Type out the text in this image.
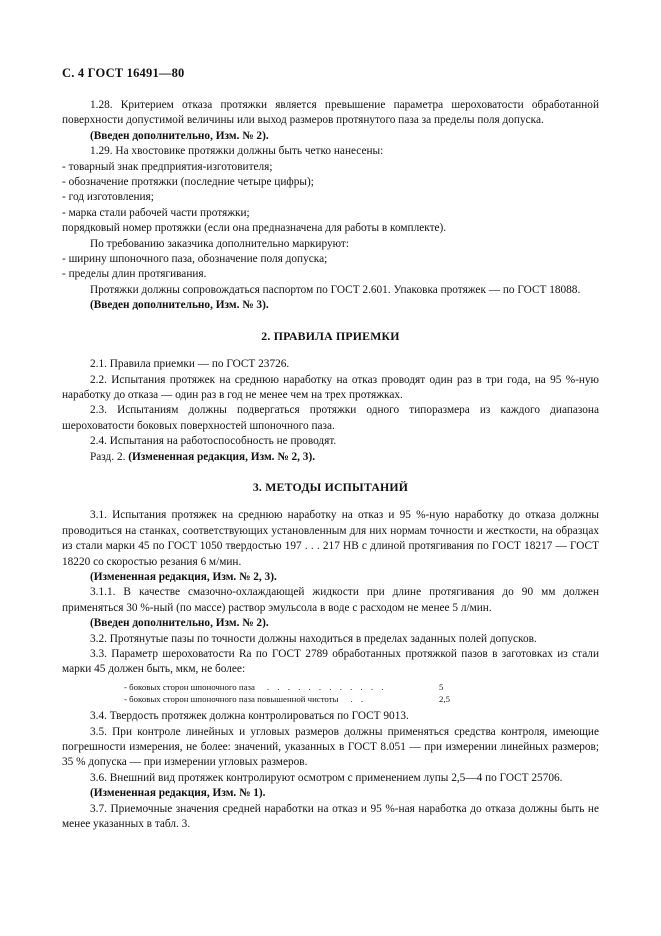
С. 4 ГОСТ 16491—80

1.28. Критерием отказа протяжки является превышение параметра шероховатости обработанной поверхности допустимой величины или выход размеров протянутого паза за пределы поля допуска.

(Введен дополнительно, Изм. № 2).

1.29. На хвостовике протяжки должны быть четко нанесены:

- товарный знак предприятия-изготовителя;

- обозначение протяжки (последние четыре цифры);

- год изготовления;

- марка стали рабочей части протяжки;

порядковый номер протяжки (если она предназначена для работы в комплекте).

По требованию заказчика дополнительно маркируют:

- ширину шпоночного паза, обозначение поля допуска;

- пределы длин протягивания.

Протяжки должны сопровождаться паспортом по ГОСТ 2.601. Упаковка протяжек — по ГОСТ 18088.

(Введен дополнительно, Изм. № 3).

2. ПРАВИЛА ПРИЕМКИ

2.1. Правила приемки — по ГОСТ 23726.

2.2. Испытания протяжек на среднюю наработку на отказ проводят один раз в три года, на 95 %-ную наработку до отказа — один раз в год не менее чем на трех протяжках.

2.3. Испытаниям должны подвергаться протяжки одного типоразмера из каждого диапазона шероховатости боковых поверхностей шпоночного паза.

2.4. Испытания на работоспособность не проводят.

Разд. 2. (Измененная редакция, Изм. № 2, 3).

3. МЕТОДЫ ИСПЫТАНИЙ

3.1. Испытания протяжек на среднюю наработку на отказ и 95 %-ную наработку до отказа должны проводиться на станках, соответствующих установленным для них нормам точности и жесткости, на образцах из стали марки 45 по ГОСТ 1050 твердостью 197 . . . 217 НВ с длиной протягивания по ГОСТ 18217 — ГОСТ 18220 со скоростью резания 6 м/мин.

(Измененная редакция, Изм. № 2, 3).

3.1.1. В качестве смазочно-охлаждающей жидкости при длине протягивания до 90 мм должен применяться 30 %-ный (по массе) раствор эмульсола в воде с расходом не менее 5 л/мин.

(Введен дополнительно, Изм. № 2).

3.2. Протянутые пазы по точности должны находиться в пределах заданных полей допусков.

3.3. Параметр шероховатости Ra по ГОСТ 2789 обработанных протяжкой пазов в заготовках из стали марки 45 должен быть, мкм, не более:

- боковых сторон шпоночного паза . . . . . . . . . . . .	5
- боковых сторон шпоночного паза повышенной чистоты . .	2,5

3.4. Твердость протяжек должна контролироваться по ГОСТ 9013.

3.5. При контроле линейных и угловых размеров должны применяться средства контроля, имеющие погрешности измерения, не более: значений, указанных в ГОСТ 8.051 — при измерении линейных размеров; 35 % допуска — при измерении угловых размеров.

3.6. Внешний вид протяжек контролируют осмотром с применением лупы 2,5—4 по ГОСТ 25706.

(Измененная редакция, Изм. № 1).

3.7. Приемочные значения средней наработки на отказ и 95 %-ная наработка до отказа должны быть не менее указанных в табл. 3.
